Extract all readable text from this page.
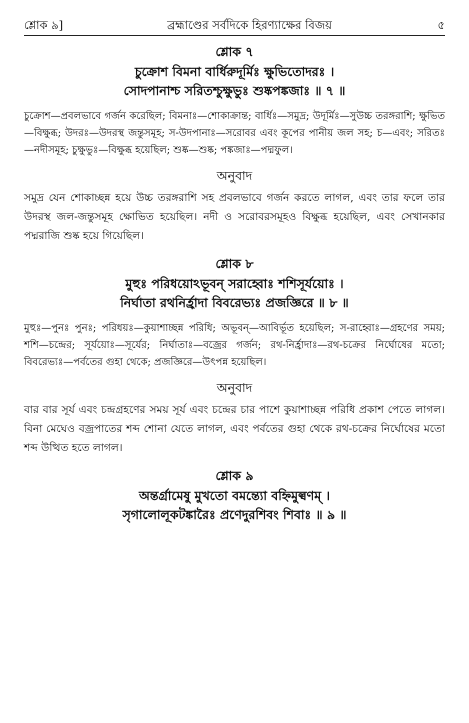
শ্লোক ৯]	ব্রহ্মাণ্ডের সর্বদিকে হিরণ্যাক্ষের বিজয়	৫
শ্লোক ৭
চুক্রোশ বিমনা বার্ধিরুদূর্মিঃ ক্ষুভিতোদরঃ ।
সোদপানাশ্চ সরিতশ্চুক্ষুভুঃ শুষ্কপঙ্কজাঃ ॥ ৭ ॥

চুক্রোশ—প্রবলভাবে গর্জন করেছিল; বিমনাঃ—শোকাক্রান্ত; বার্ধিঃ—সমুদ্র; উদূর্মিঃ—সুউচ্চ তরঙ্গরাশি; ক্ষুভিত—বিক্ষুব্ধ; উদরঃ—উদরস্থ জন্তুসমূহ; স-উদপানাঃ—সরোবর এবং কূপের পানীয় জল সহ; চ—এবং; সরিতঃ—নদীসমূহ; চুক্ষুভুঃ—বিক্ষুব্ধ হয়েছিল; শুষ্ক—শুষ্ক; পঙ্কজাঃ—পদ্মফুল।

অনুবাদ

সমুদ্র যেন শোকাচ্ছন্ন হয়ে উচ্চ তরঙ্গরাশি সহ প্রবলভাবে গর্জন করতে লাগল, এবং তার ফলে তার উদরস্থ জল-জন্তুসমূহ ক্ষোভিত হয়েছিল। নদী ও সরোবরসমূহও বিক্ষুব্ধ হয়েছিল, এবং সেখানকার পদ্মরাজি শুষ্ক হয়ে গিয়েছিল।

শ্লোক ৮
মুহুঃ পরিধয়োঽভূবন্ সরাহ্বোঃ শশিসূর্যয়োঃ ।
নির্ঘাতা রথনির্হ্রাদা বিবরেভ্যঃ প্রজজ্ঞিরে ॥ ৮ ॥

মুহুঃ—পুনঃ পুনঃ; পরিধয়ঃ—কুয়াশাচ্ছন্ন পরিধি; অভূবন্—আবির্ভূত হয়েছিল; স-রাহ্বোঃ—গ্রহণের সময়; শশি—চন্দ্রের; সূর্যয়োঃ—সূর্যের; নির্ঘাতাঃ—বজ্রের গর্জন; রথ-নির্হ্রাদাঃ—রথ-চক্রের নির্ঘোষের মতো; বিবরেভ্যঃ—পর্বতের গুহা থেকে; প্রজজ্ঞিরে—উৎপন্ন হয়েছিল।

অনুবাদ

বার বার সূর্য এবং চন্দ্রগ্রহণের সময় সূর্য এবং চন্দ্রের চার পাশে কুয়াশাচ্ছন্ন পরিধি প্রকাশ পেতে লাগল। বিনা মেঘেও বজ্রপাতের শব্দ শোনা যেতে লাগল, এবং পর্বতের গুহা থেকে রথ-চক্রের নির্ঘোষের মতো শব্দ উত্থিত হতে লাগল।

শ্লোক ৯
অন্তর্গ্রামেষু মুখতো বমন্ত্যো বহ্নিমুল্বণম্ ।
সৃগালোলূকটঙ্কারৈঃ প্রণেদুরশিবং শিবাঃ ॥ ৯ ॥
